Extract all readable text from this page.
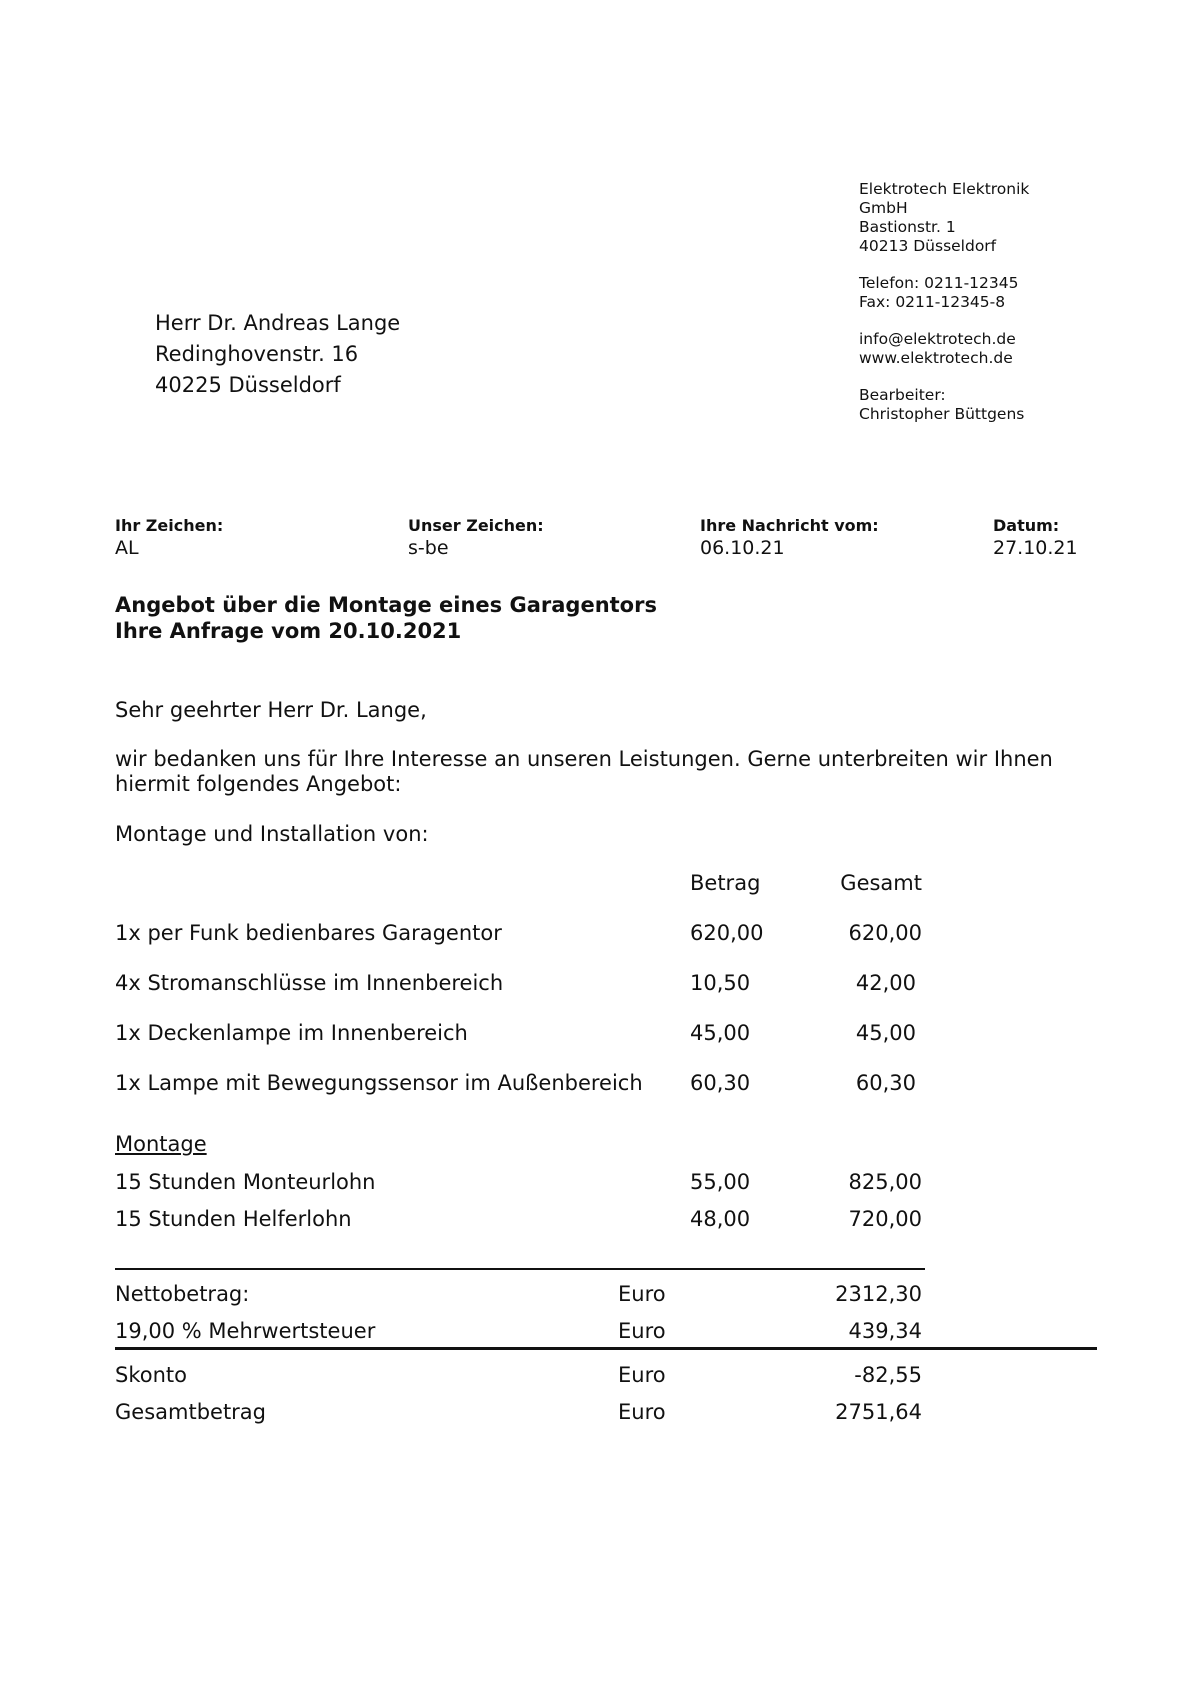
Elektrotech Elektronik
GmbH
Bastionstr. 1
40213 Düsseldorf
Telefon: 0211-12345
Fax: 0211-12345-8
info@elektrotech.de
www.elektrotech.de
Bearbeiter:
Christopher Büttgens
Herr Dr. Andreas Lange
Redinghovenstr. 16
40225 Düsseldorf
Ihr Zeichen:
AL
Unser Zeichen:
s-be
Ihre Nachricht vom:
06.10.21
Datum:
27.10.21
Angebot über die Montage eines Garagentors
Ihre Anfrage vom 20.10.2021
Sehr geehrter Herr Dr. Lange,
wir bedanken uns für Ihre Interesse an unseren Leistungen. Gerne unterbreiten wir Ihnen
hiermit folgendes Angebot:
Montage und Installation von:
Betrag	Gesamt
1x per Funk bedienbares Garagentor	620,00	620,00
4x Stromanschlüsse im Innenbereich	10,50	42,00
1x Deckenlampe im Innenbereich	45,00	45,00
1x Lampe mit Bewegungssensor im Außenbereich 60,30	60,30
Montage
15 Stunden Monteurlohn	55,00	825,00
15 Stunden Helferlohn	48,00	720,00
Nettobetrag:	Euro	2312,30
19,00 % Mehrwertsteuer	Euro	439,34
Skonto	Euro	-82,55
Gesamtbetrag	Euro	2751,64
